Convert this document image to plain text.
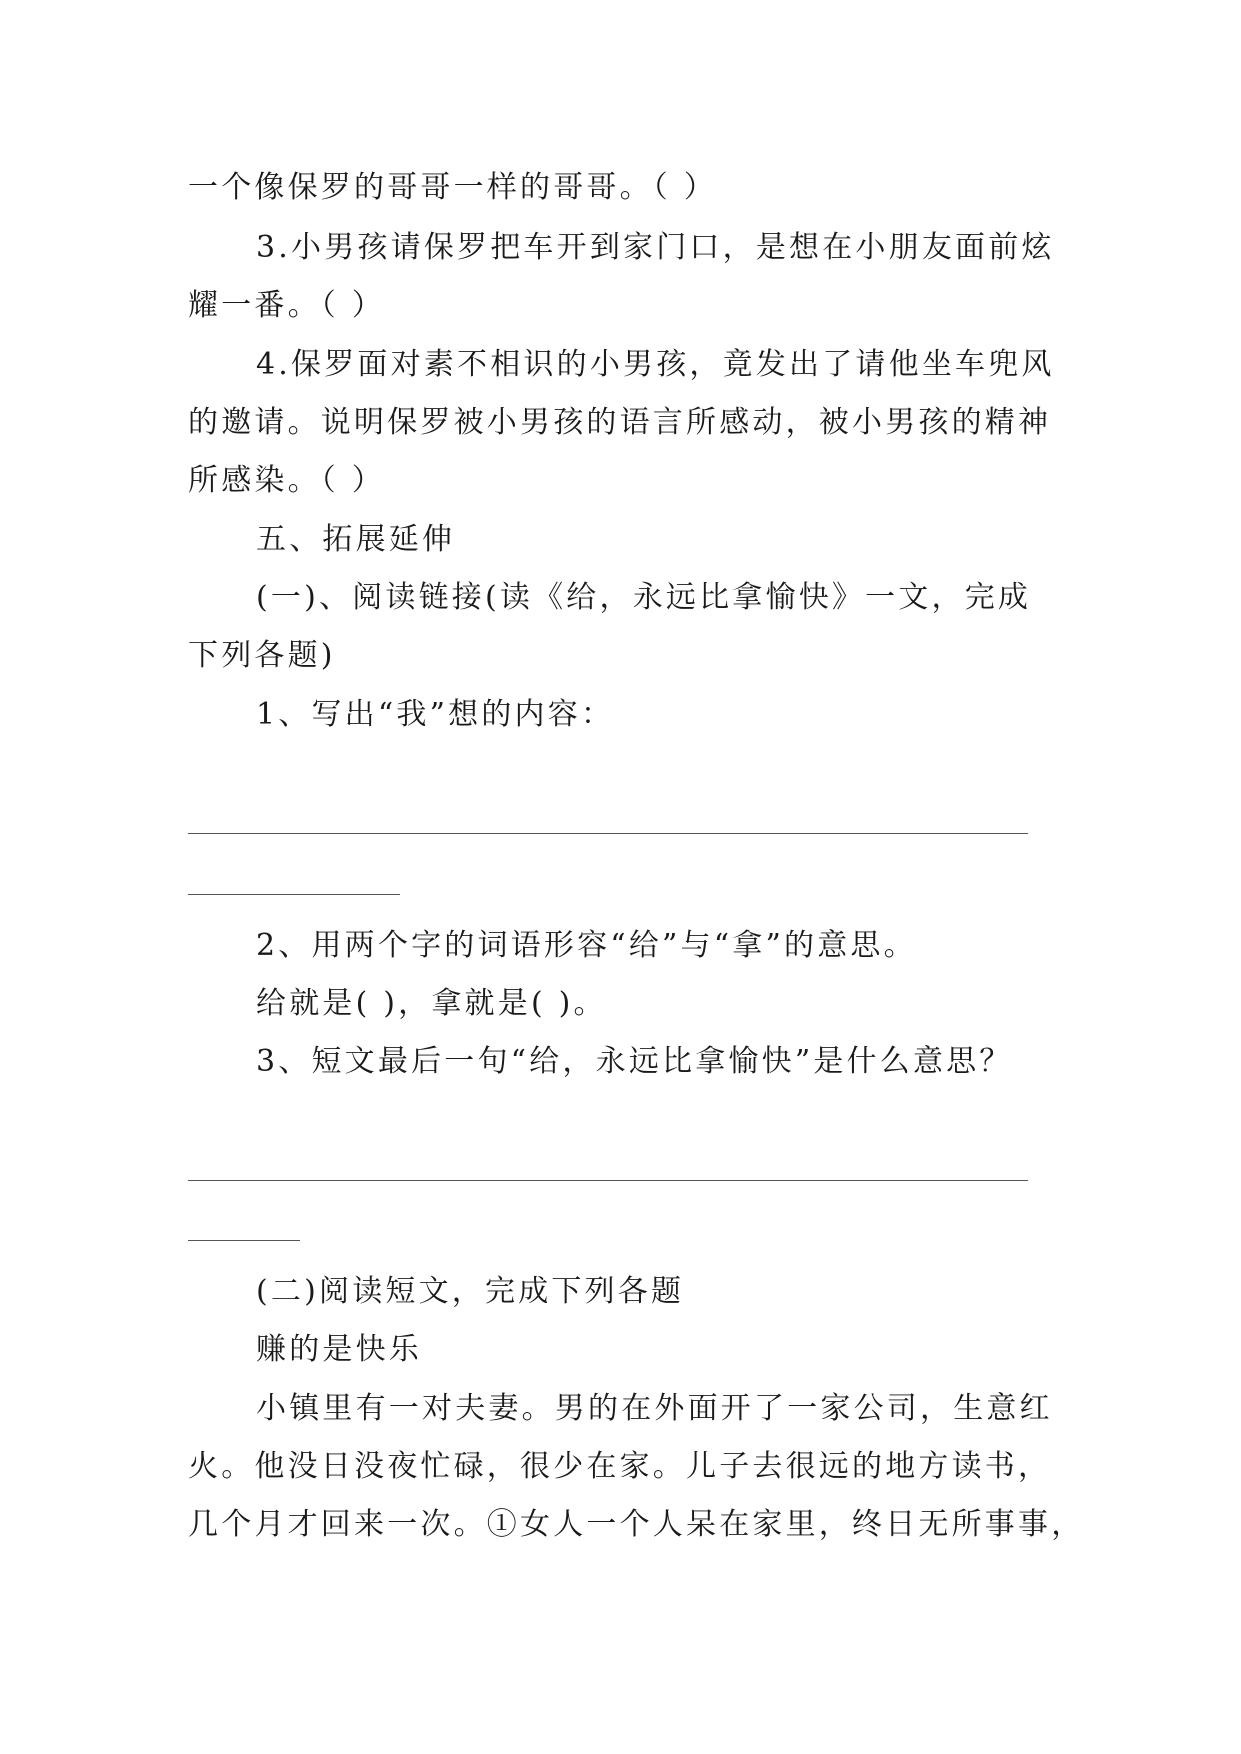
一个像保罗的哥哥一样的哥哥。（ ）
3.小男孩请保罗把车开到家门口，是想在小朋友面前炫
耀一番。（ ）
4.保罗面对素不相识的小男孩，竟发出了请他坐车兜风
的邀请。说明保罗被小男孩的语言所感动，被小男孩的精神
所感染。（ ）
五、拓展延伸
(一)、阅读链接(读《给，永远比拿愉快》一文，完成
下列各题)
1、写出“我”想的内容：
2、用两个字的词语形容“给”与“拿”的意思。
给就是( )，拿就是( )。
3、短文最后一句“给，永远比拿愉快”是什么意思？
(二)阅读短文，完成下列各题
赚的是快乐
小镇里有一对夫妻。男的在外面开了一家公司，生意红
火。他没日没夜忙碌，很少在家。儿子去很远的地方读书，
几个月才回来一次。①女人一个人呆在家里，终日无所事事，
